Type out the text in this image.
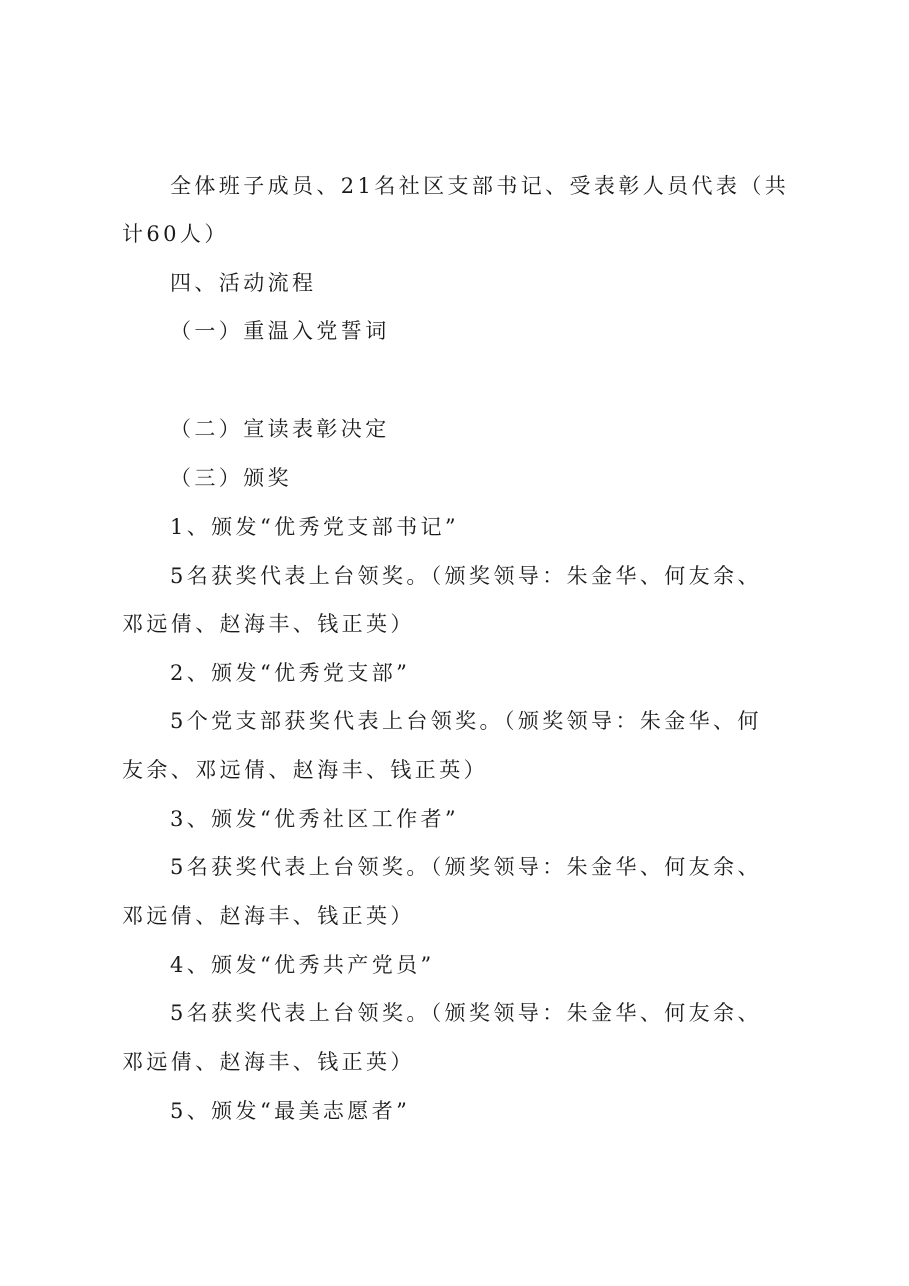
全体班子成员、21名社区支部书记、受表彰人员代表（共
计60人）
四、活动流程
（一）重温入党誓词
（二）宣读表彰决定
（三）颁奖
1、颁发“优秀党支部书记”
5名获奖代表上台领奖。（颁奖领导：朱金华、何友余、
邓远倩、赵海丰、钱正英）
2、颁发“优秀党支部”
5个党支部获奖代表上台领奖。（颁奖领导：朱金华、何
友余、邓远倩、赵海丰、钱正英）
3、颁发“优秀社区工作者”
5名获奖代表上台领奖。（颁奖领导：朱金华、何友余、
邓远倩、赵海丰、钱正英）
4、颁发“优秀共产党员”
5名获奖代表上台领奖。（颁奖领导：朱金华、何友余、
邓远倩、赵海丰、钱正英）
5、颁发“最美志愿者”
